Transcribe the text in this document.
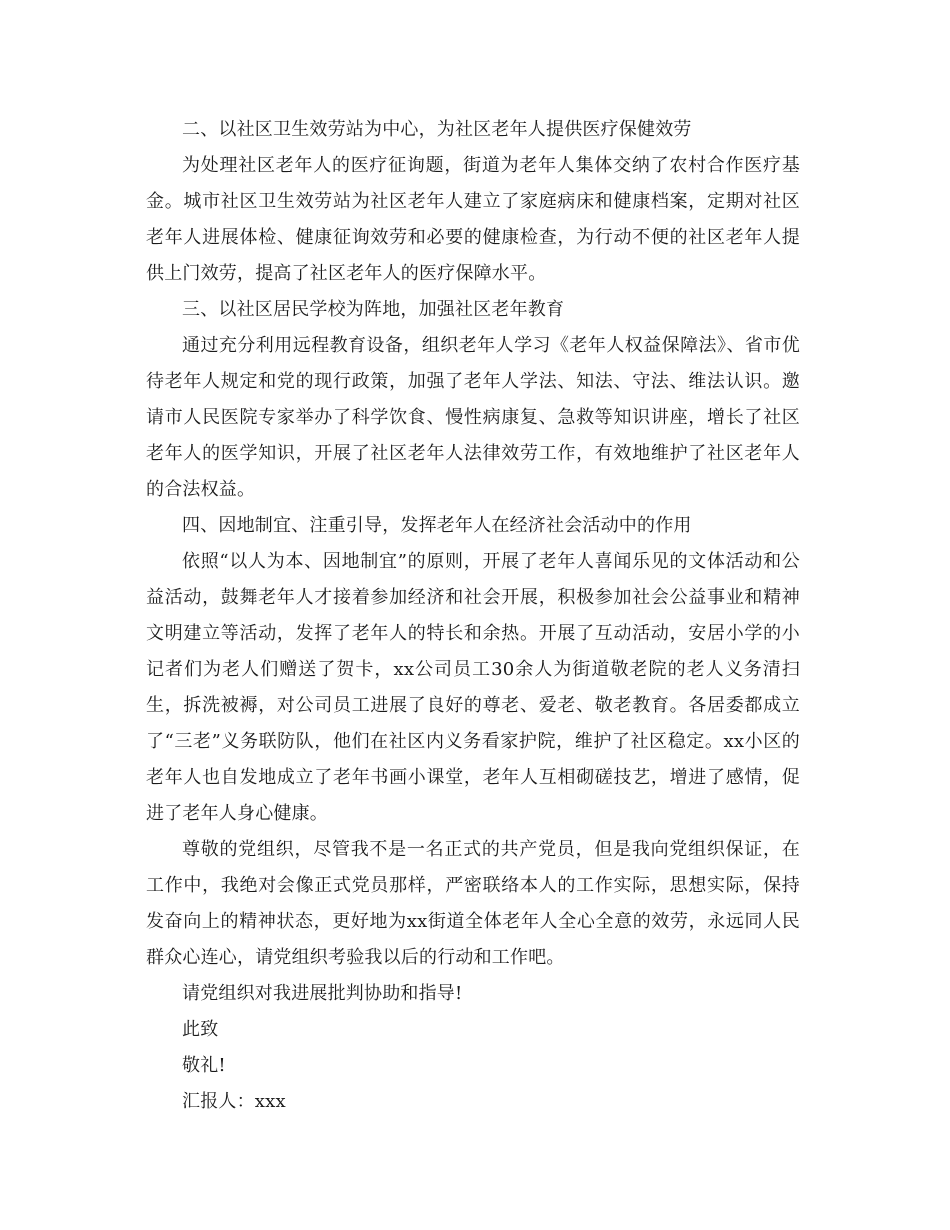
二、以社区卫生效劳站为中心，为社区老年人提供医疗保健效劳

为处理社区老年人的医疗征询题，街道为老年人集体交纳了农村合作医疗基金。城市社区卫生效劳站为社区老年人建立了家庭病床和健康档案，定期对社区老年人进展体检、健康征询效劳和必要的健康检查，为行动不便的社区老年人提供上门效劳，提高了社区老年人的医疗保障水平。

三、以社区居民学校为阵地，加强社区老年教育

通过充分利用远程教育设备，组织老年人学习《老年人权益保障法》、省市优待老年人规定和党的现行政策，加强了老年人学法、知法、守法、维法认识。邀请市人民医院专家举办了科学饮食、慢性病康复、急救等知识讲座，增长了社区老年人的医学知识，开展了社区老年人法律效劳工作，有效地维护了社区老年人的合法权益。

四、因地制宜、注重引导，发挥老年人在经济社会活动中的作用

依照“以人为本、因地制宜”的原则，开展了老年人喜闻乐见的文体活动和公益活动，鼓舞老年人才接着参加经济和社会开展，积极参加社会公益事业和精神文明建立等活动，发挥了老年人的特长和余热。开展了互动活动，安居小学的小记者们为老人们赠送了贺卡，xx公司员工30余人为街道敬老院的老人义务清扫生，拆洗被褥，对公司员工进展了良好的尊老、爱老、敬老教育。各居委都成立了“三老”义务联防队，他们在社区内义务看家护院，维护了社区稳定。xx小区的老年人也自发地成立了老年书画小课堂，老年人互相砌磋技艺，增进了感情，促进了老年人身心健康。

尊敬的党组织，尽管我不是一名正式的共产党员，但是我向党组织保证，在工作中，我绝对会像正式党员那样，严密联络本人的工作实际，思想实际，保持发奋向上的精神状态，更好地为xx街道全体老年人全心全意的效劳，永远同人民群众心连心，请党组织考验我以后的行动和工作吧。

请党组织对我进展批判协助和指导!

此致

敬礼!

汇报人：xxx
